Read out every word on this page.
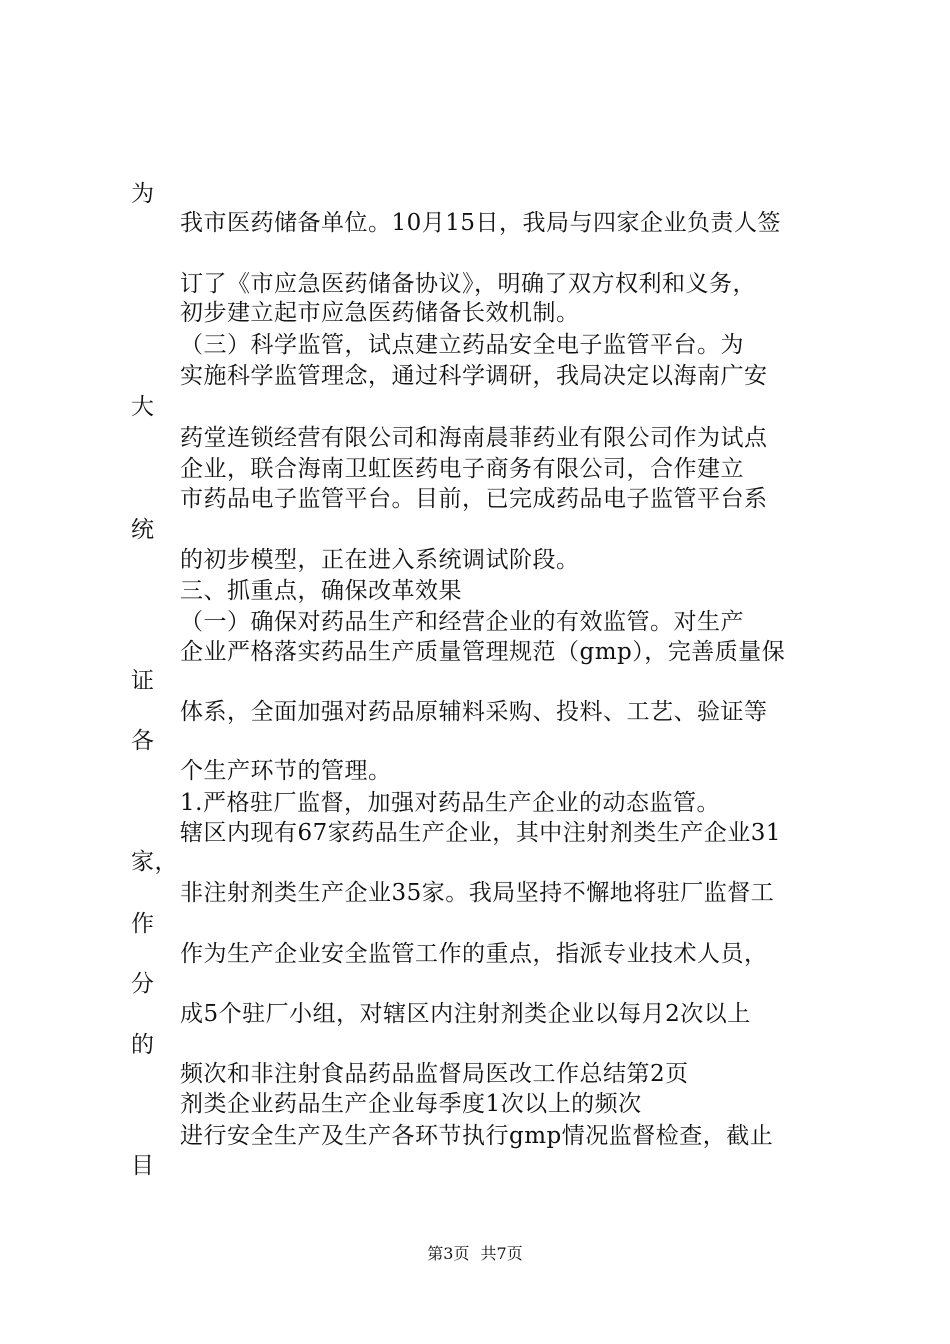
为
我市医药储备单位。10月15日，我局与四家企业负责人签
订了《市应急医药储备协议》，明确了双方权利和义务，
初步建立起市应急医药储备长效机制。
（三）科学监管，试点建立药品安全电子监管平台。为
实施科学监管理念，通过科学调研，我局决定以海南广安
大
药堂连锁经营有限公司和海南晨菲药业有限公司作为试点
企业，联合海南卫虹医药电子商务有限公司，合作建立
市药品电子监管平台。目前，已完成药品电子监管平台系
统
的初步模型，正在进入系统调试阶段。
三、抓重点，确保改革效果
（一）确保对药品生产和经营企业的有效监管。对生产
企业严格落实药品生产质量管理规范（gmp），完善质量保
证
体系，全面加强对药品原辅料采购、投料、工艺、验证等
各
个生产环节的管理。
1.严格驻厂监督，加强对药品生产企业的动态监管。
辖区内现有67家药品生产企业，其中注射剂类生产企业31
家，
非注射剂类生产企业35家。我局坚持不懈地将驻厂监督工
作
作为生产企业安全监管工作的重点，指派专业技术人员，
分
成5个驻厂小组，对辖区内注射剂类企业以每月2次以上
的
频次和非注射食品药品监督局医改工作总结第2页
剂类企业药品生产企业每季度1次以上的频次
进行安全生产及生产各环节执行gmp情况监督检查，截止
目
第3页 共7页
